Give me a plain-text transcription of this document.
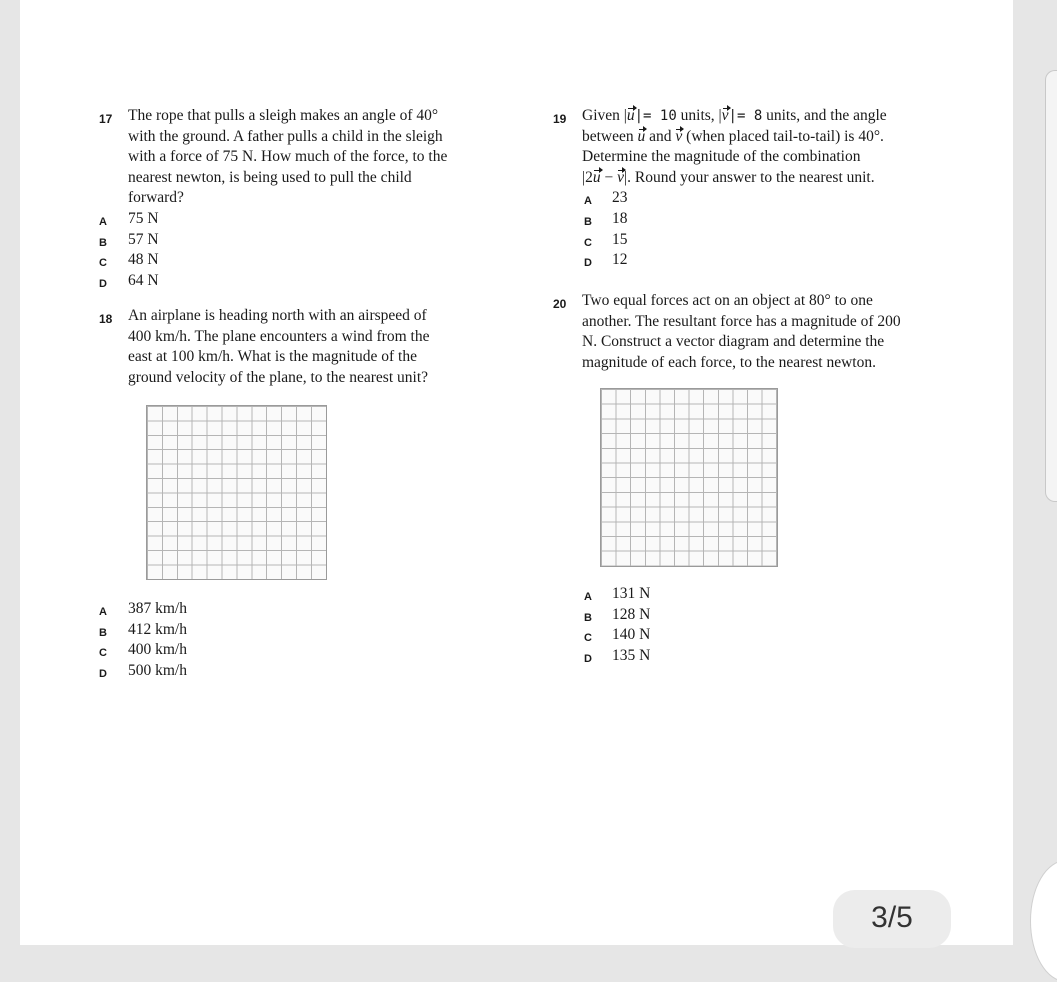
17 The rope that pulls a sleigh makes an angle of 40°
with the ground. A father pulls a child in the sleigh
with a force of 75 N. How much of the force, to the
nearest newton, is being used to pull the child
forward?
A 75 N
B 57 N
C 48 N
D 64 N
18 An airplane is heading north with an airspeed of
400 km/h. The plane encounters a wind from the
east at 100 km/h. What is the magnitude of the
ground velocity of the plane, to the nearest unit?
A 387 km/h
B 412 km/h
C 400 km/h
D 500 km/h
19 Given |u|= 10 units, |v|= 8 units, and the angle
between u and v (when placed tail-to-tail) is 40°.
Determine the magnitude of the combination
|2u − v|. Round your answer to the nearest unit.
A 23
B 18
C 15
D 12
20 Two equal forces act on an object at 80° to one
another. The resultant force has a magnitude of 200
N. Construct a vector diagram and determine the
magnitude of each force, to the nearest newton.
A 131 N
B 128 N
C 140 N
D 135 N
3/5
